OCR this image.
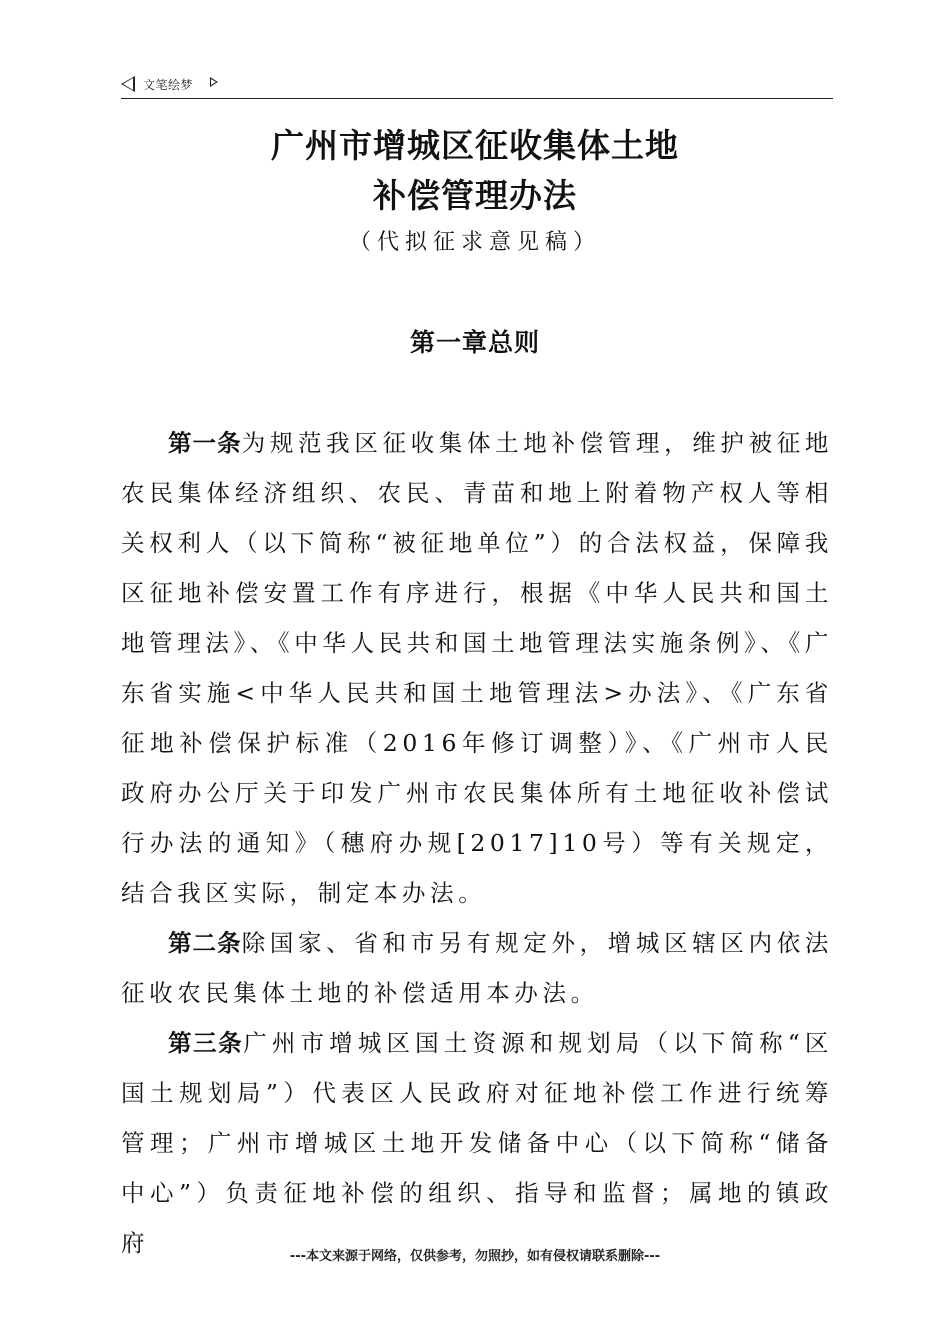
文笔绘梦
广州市增城区征收集体土地
补偿管理办法
（代拟征求意见稿）
第一章总则

第一条为规范我区征收集体土地补偿管理，维护被征地农民集体经济组织、农民、青苗和地上附着物产权人等相关权利人（以下简称“被征地单位”）的合法权益，保障我区征地补偿安置工作有序进行，根据《中华人民共和国土地管理法》、《中华人民共和国土地管理法实施条例》、《广东省实施<中华人民共和国土地管理法>办法》、《广东省征地补偿保护标准（2016年修订调整）》、《广州市人民政府办公厅关于印发广州市农民集体所有土地征收补偿试行办法的通知》（穗府办规[2017]10号）等有关规定，结合我区实际，制定本办法。

第二条除国家、省和市另有规定外，增城区辖区内依法征收农民集体土地的补偿适用本办法。

第三条广州市增城区国土资源和规划局（以下简称“区国土规划局”）代表区人民政府对征地补偿工作进行统筹管理；广州市增城区土地开发储备中心（以下简称“储备中心”）负责征地补偿的组织、指导和监督；属地的镇政府	---本文来源于网络，仅供参考，勿照抄，如有侵权请联系删除---
